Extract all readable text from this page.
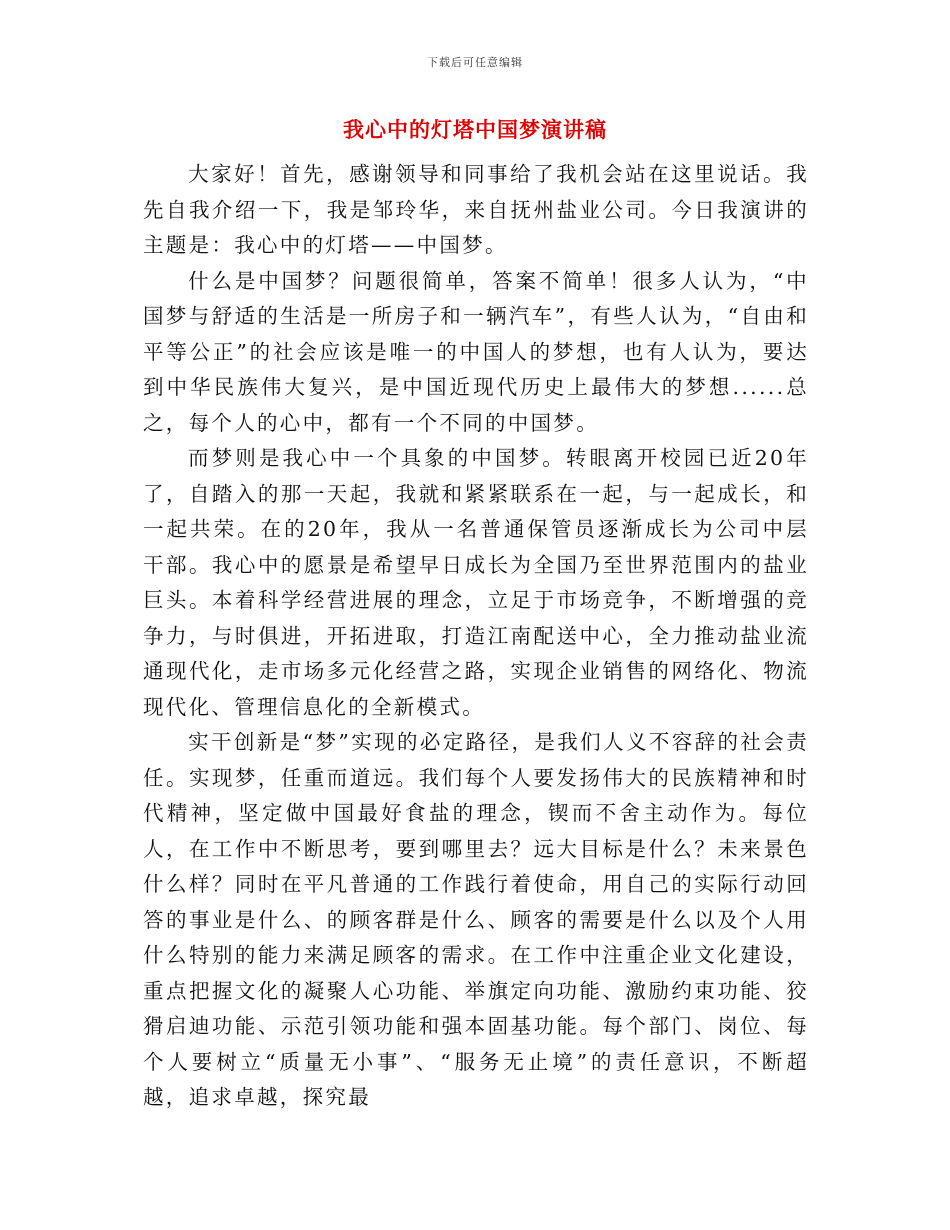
下载后可任意编辑
我心中的灯塔中国梦演讲稿

大家好！首先，感谢领导和同事给了我机会站在这里说话。我先自我介绍一下，我是邹玲华，来自抚州盐业公司。今日我演讲的主题是：我心中的灯塔——中国梦。

什么是中国梦？问题很简单，答案不简单！很多人认为，“中国梦与舒适的生活是一所房子和一辆汽车”，有些人认为，“自由和平等公正”的社会应该是唯一的中国人的梦想，也有人认为，要达到中华民族伟大复兴，是中国近现代历史上最伟大的梦想......总之，每个人的心中，都有一个不同的中国梦。

而梦则是我心中一个具象的中国梦。转眼离开校园已近20年了，自踏入的那一天起，我就和紧紧联系在一起，与一起成长，和一起共荣。在的20年，我从一名普通保管员逐渐成长为公司中层干部。我心中的愿景是希望早日成长为全国乃至世界范围内的盐业巨头。本着科学经营进展的理念，立足于市场竞争，不断增强的竞争力，与时俱进，开拓进取，打造江南配送中心，全力推动盐业流通现代化，走市场多元化经营之路，实现企业销售的网络化、物流现代化、管理信息化的全新模式。

实干创新是“梦”实现的必定路径，是我们人义不容辞的社会责任。实现梦，任重而道远。我们每个人要发扬伟大的民族精神和时代精神，坚定做中国最好食盐的理念，锲而不舍主动作为。每位人，在工作中不断思考，要到哪里去？远大目标是什么？未来景色什么样？同时在平凡普通的工作践行着使命，用自己的实际行动回答的事业是什么、的顾客群是什么、顾客的需要是什么以及个人用什么特别的能力来满足顾客的需求。在工作中注重企业文化建设，重点把握文化的凝聚人心功能、举旗定向功能、激励约束功能、狡猾启迪功能、示范引领功能和强本固基功能。每个部门、岗位、每个人要树立“质量无小事”、“服务无止境”的责任意识，不断超越，追求卓越，探究最
